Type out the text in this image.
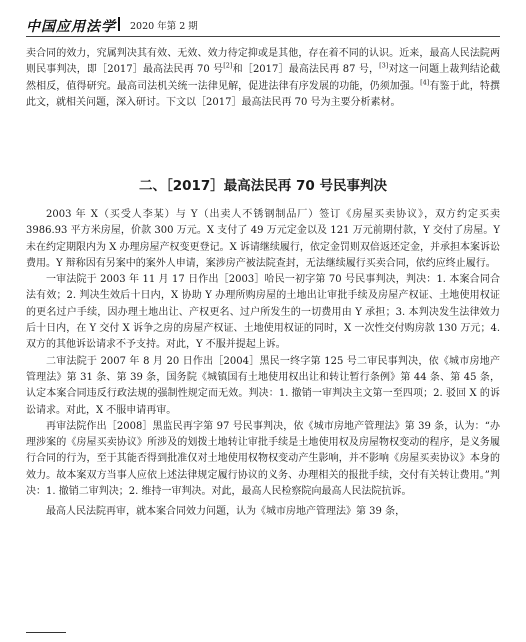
中国应用法学 2020 年第 2 期

卖合同的效力，究属判决其有效、无效、效力待定抑或是其他，存在着不同的认识。近来，最高人民法院两则民事判决，即［2017］最高法民再 70 号[2]和［2017］最高法民再 87 号，[3]对这一问题上裁判结论截然相反，值得研究。最高司法机关统一法律见解，促进法律有序发展的功能，仍须加强。[4]有鉴于此，特撰此文，就相关问题，深入研讨。下文以［2017］最高法民再 70 号为主要分析素材。

二、［2017］最高法民再 70 号民事判决

2003 年 X（买受人李某）与 Y（出卖人不锈钢制品厂）签订《房屋买卖协议》，双方约定买卖 3986.93 平方米房屋，价款 300 万元。X 支付了 49 万元定金以及 121 万元前期付款，Y 交付了房屋。Y 未在约定期限内为 X 办理房屋产权变更登记。X 诉请继续履行，依定金罚则双倍返还定金，并承担本案诉讼费用。Y 辩称因有另案中的案外人申请，案涉房产被法院查封，无法继续履行买卖合同，依约应终止履行。

一审法院于 2003 年 11 月 17 日作出［2003］哈民一初字第 70 号民事判决，判决：1. 本案合同合法有效；2. 判决生效后十日内，X 协助 Y 办理所购房屋的土地出让审批手续及房屋产权证、土地使用权证的更名过户手续，因办理土地出让、产权更名、过户所发生的一切费用由 Y 承担；3. 本判决发生法律效力后十日内，在 Y 交付 X 诉争之房的房屋产权证、土地使用权证的同时，X 一次性交付购房款 130 万元；4. 双方的其他诉讼请求不予支持。对此，Y 不服并提起上诉。

二审法院于 2007 年 8 月 20 日作出［2004］黑民一终字第 125 号二审民事判决，依《城市房地产管理法》第 31 条、第 39 条，国务院《城镇国有土地使用权出让和转让暂行条例》第 44 条、第 45 条，认定本案合同违反行政法规的强制性规定而无效。判决：1. 撤销一审判决主文第一至四项；2. 驳回 X 的诉讼请求。对此，X 不服申请再审。

再审法院作出［2008］黑监民再字第 97 号民事判决，依《城市房地产管理法》第 39 条，认为：“办理涉案的《房屋买卖协议》所涉及的划拨土地转让审批手续是土地使用权及房屋物权变动的程序，是义务履行合同的行为，至于其能否得到批准仅对土地使用权物权变动产生影响，并不影响《房屋买卖协议》本身的效力。故本案双方当事人应依上述法律规定履行协议的义务、办理相关的报批手续，交付有关转让费用。”判决：1. 撤销二审判决；2. 维持一审判决。对此，最高人民检察院向最高人民法院抗诉。

最高人民法院再审，就本案合同效力问题，认为《城市房地产管理法》第 39 条，
